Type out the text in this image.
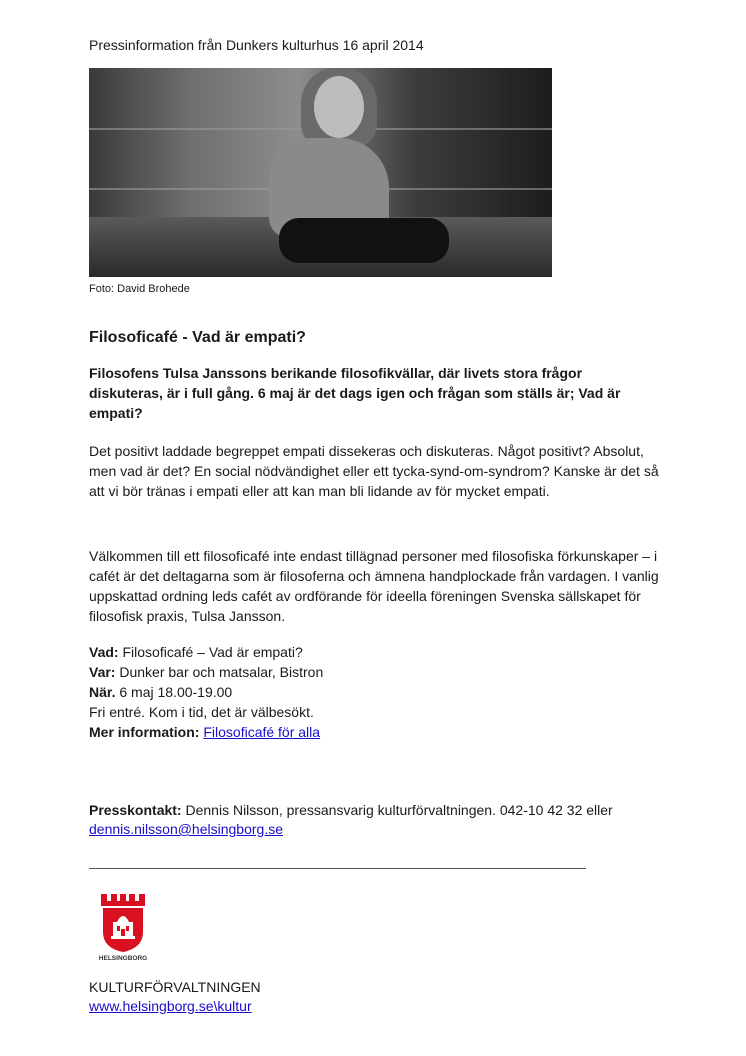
Pressinformation från Dunkers kulturhus 16 april 2014
Foto: David Brohede
Filosoficafé - Vad är empati?
Filosofens Tulsa Janssons berikande filosofikvällar, där livets stora frågor diskuteras, är i full gång. 6 maj är det dags igen och frågan som ställs är; Vad är empati?
Det positivt laddade begreppet empati dissekeras och diskuteras. Något positivt? Absolut, men vad är det? En social nödvändighet eller ett tycka-synd-om-syndrom? Kanske är det så att vi bör tränas i empati eller att kan man bli lidande av för mycket empati.
Välkommen till ett filosoficafé inte endast tillägnad personer med filosofiska förkunskaper – i cafét är det deltagarna som är filosoferna och ämnena handplockade från vardagen. I vanlig uppskattad ordning leds cafét av ordförande för ideella föreningen Svenska sällskapet för filosofisk praxis, Tulsa Jansson.
Vad: Filosoficafé – Vad är empati?
Var: Dunker bar och matsalar, Bistron
När. 6 maj 18.00-19.00
Fri entré. Kom i tid, det är välbesökt.
Mer information: Filosoficafé för alla
Presskontakt: Dennis Nilsson, pressansvarig kulturförvaltningen. 042-10 42 32 eller
dennis.nilsson@helsingborg.se
HELSINGBORG
KULTURFÖRVALTNINGEN
www.helsingborg.se\kultur
